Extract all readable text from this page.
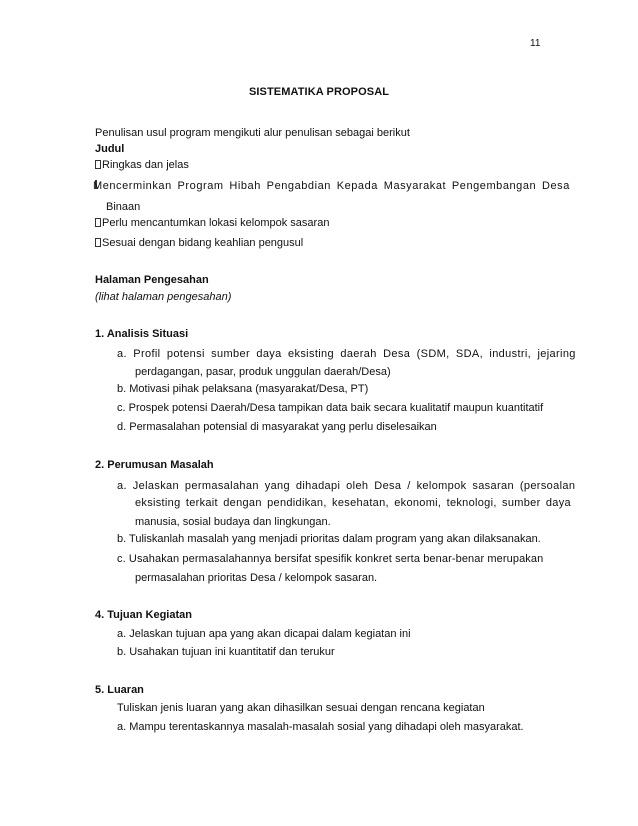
11
SISTEMATIKA PROPOSAL
Penulisan usul program mengikuti alur penulisan sebagai berikut
Judul
Ringkas dan jelas
Mencerminkan Program Hibah Pengabdian Kepada Masyarakat Pengembangan Desa
Binaan
Perlu mencantumkan lokasi kelompok sasaran
Sesuai dengan bidang keahlian pengusul
Halaman Pengesahan
(lihat halaman pengesahan)
1. Analisis Situasi
a. Profil potensi sumber daya eksisting daerah Desa (SDM, SDA, industri, jejaring
perdagangan, pasar, produk unggulan daerah/Desa)
b. Motivasi pihak pelaksana (masyarakat/Desa, PT)
c. Prospek potensi Daerah/Desa tampikan data baik secara kualitatif maupun kuantitatif
d. Permasalahan potensial di masyarakat yang perlu diselesaikan
2. Perumusan Masalah
a. Jelaskan permasalahan yang dihadapi oleh Desa / kelompok sasaran (persoalan
eksisting terkait dengan pendidikan, kesehatan, ekonomi, teknologi, sumber daya
manusia, sosial budaya dan lingkungan.
b. Tuliskanlah masalah yang menjadi prioritas dalam program yang akan dilaksanakan.
c. Usahakan permasalahannya bersifat spesifik konkret serta benar-benar merupakan
permasalahan prioritas Desa / kelompok sasaran.
4. Tujuan Kegiatan
a. Jelaskan tujuan apa yang akan dicapai dalam kegiatan ini
b. Usahakan tujuan ini kuantitatif dan terukur
5. Luaran
Tuliskan jenis luaran yang akan dihasilkan sesuai dengan rencana kegiatan
a. Mampu terentaskannya masalah-masalah sosial yang dihadapi oleh masyarakat.
